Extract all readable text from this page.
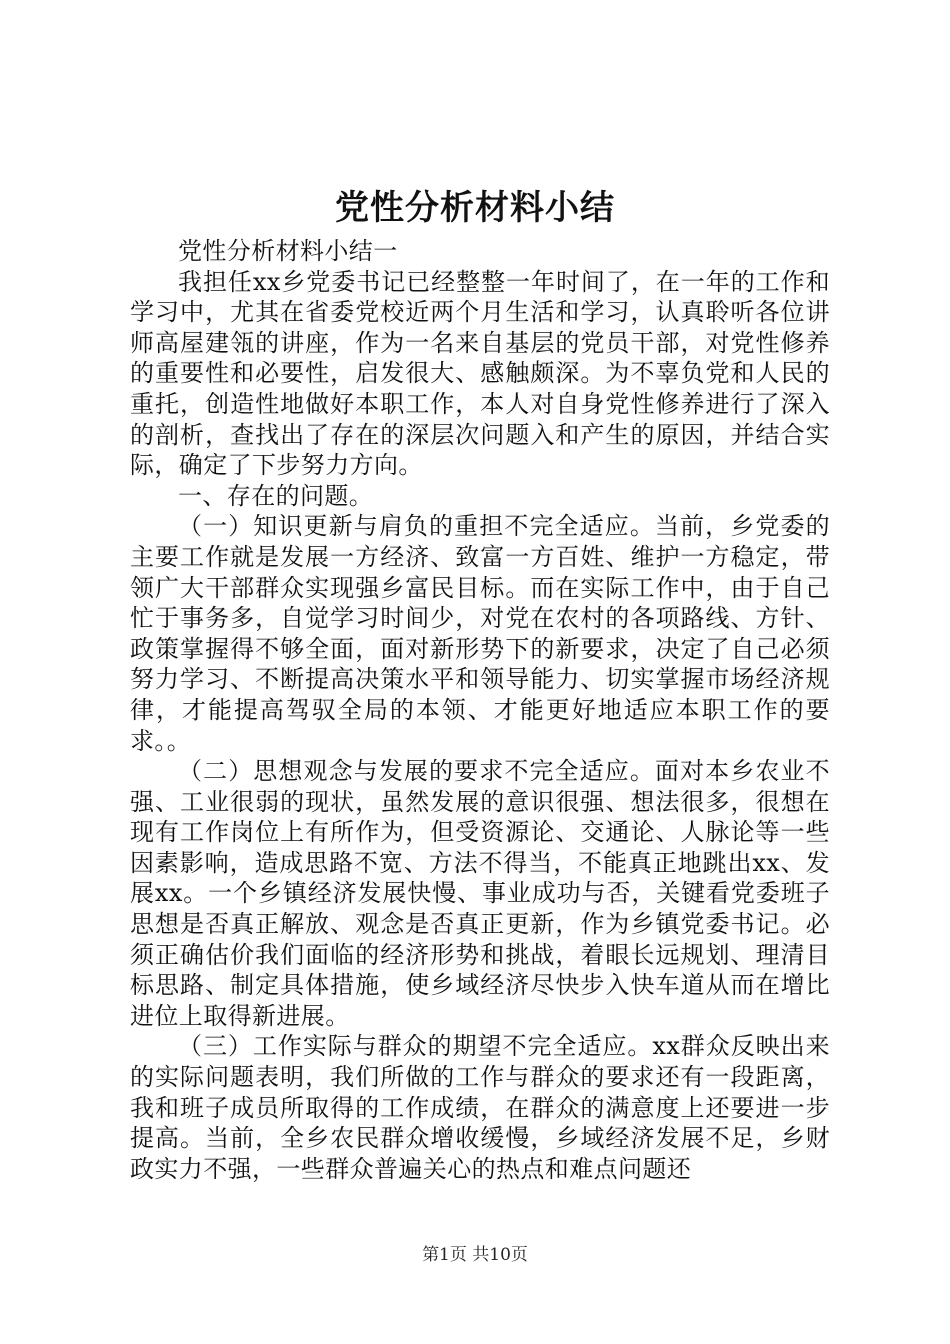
党性分析材料小结

党性分析材料小结一

我担任xx乡党委书记已经整整一年时间了，在一年的工作和学习中，尤其在省委党校近两个月生活和学习，认真聆听各位讲师高屋建瓴的讲座，作为一名来自基层的党员干部，对党性修养的重要性和必要性，启发很大、感触颇深。为不辜负党和人民的重托，创造性地做好本职工作，本人对自身党性修养进行了深入的剖析，查找出了存在的深层次问题入和产生的原因，并结合实际，确定了下步努力方向。

一、存在的问题。

（一）知识更新与肩负的重担不完全适应。当前，乡党委的主要工作就是发展一方经济、致富一方百姓、维护一方稳定，带领广大干部群众实现强乡富民目标。而在实际工作中，由于自己忙于事务多，自觉学习时间少，对党在农村的各项路线、方针、政策掌握得不够全面，面对新形势下的新要求，决定了自己必须努力学习、不断提高决策水平和领导能力、切实掌握市场经济规律，才能提高驾驭全局的本领、才能更好地适应本职工作的要求。。

（二）思想观念与发展的要求不完全适应。面对本乡农业不强、工业很弱的现状，虽然发展的意识很强、想法很多，很想在现有工作岗位上有所作为，但受资源论、交通论、人脉论等一些因素影响，造成思路不宽、方法不得当，不能真正地跳出xx、发展xx。一个乡镇经济发展快慢、事业成功与否，关键看党委班子思想是否真正解放、观念是否真正更新，作为乡镇党委书记。必须正确估价我们面临的经济形势和挑战，着眼长远规划、理清目标思路、制定具体措施，使乡域经济尽快步入快车道从而在增比进位上取得新进展。

（三）工作实际与群众的期望不完全适应。xx群众反映出来的实际问题表明，我们所做的工作与群众的要求还有一段距离，我和班子成员所取得的工作成绩，在群众的满意度上还要进一步提高。当前，全乡农民群众增收缓慢，乡域经济发展不足，乡财政实力不强，一些群众普遍关心的热点和难点问题还

第1页 共10页
